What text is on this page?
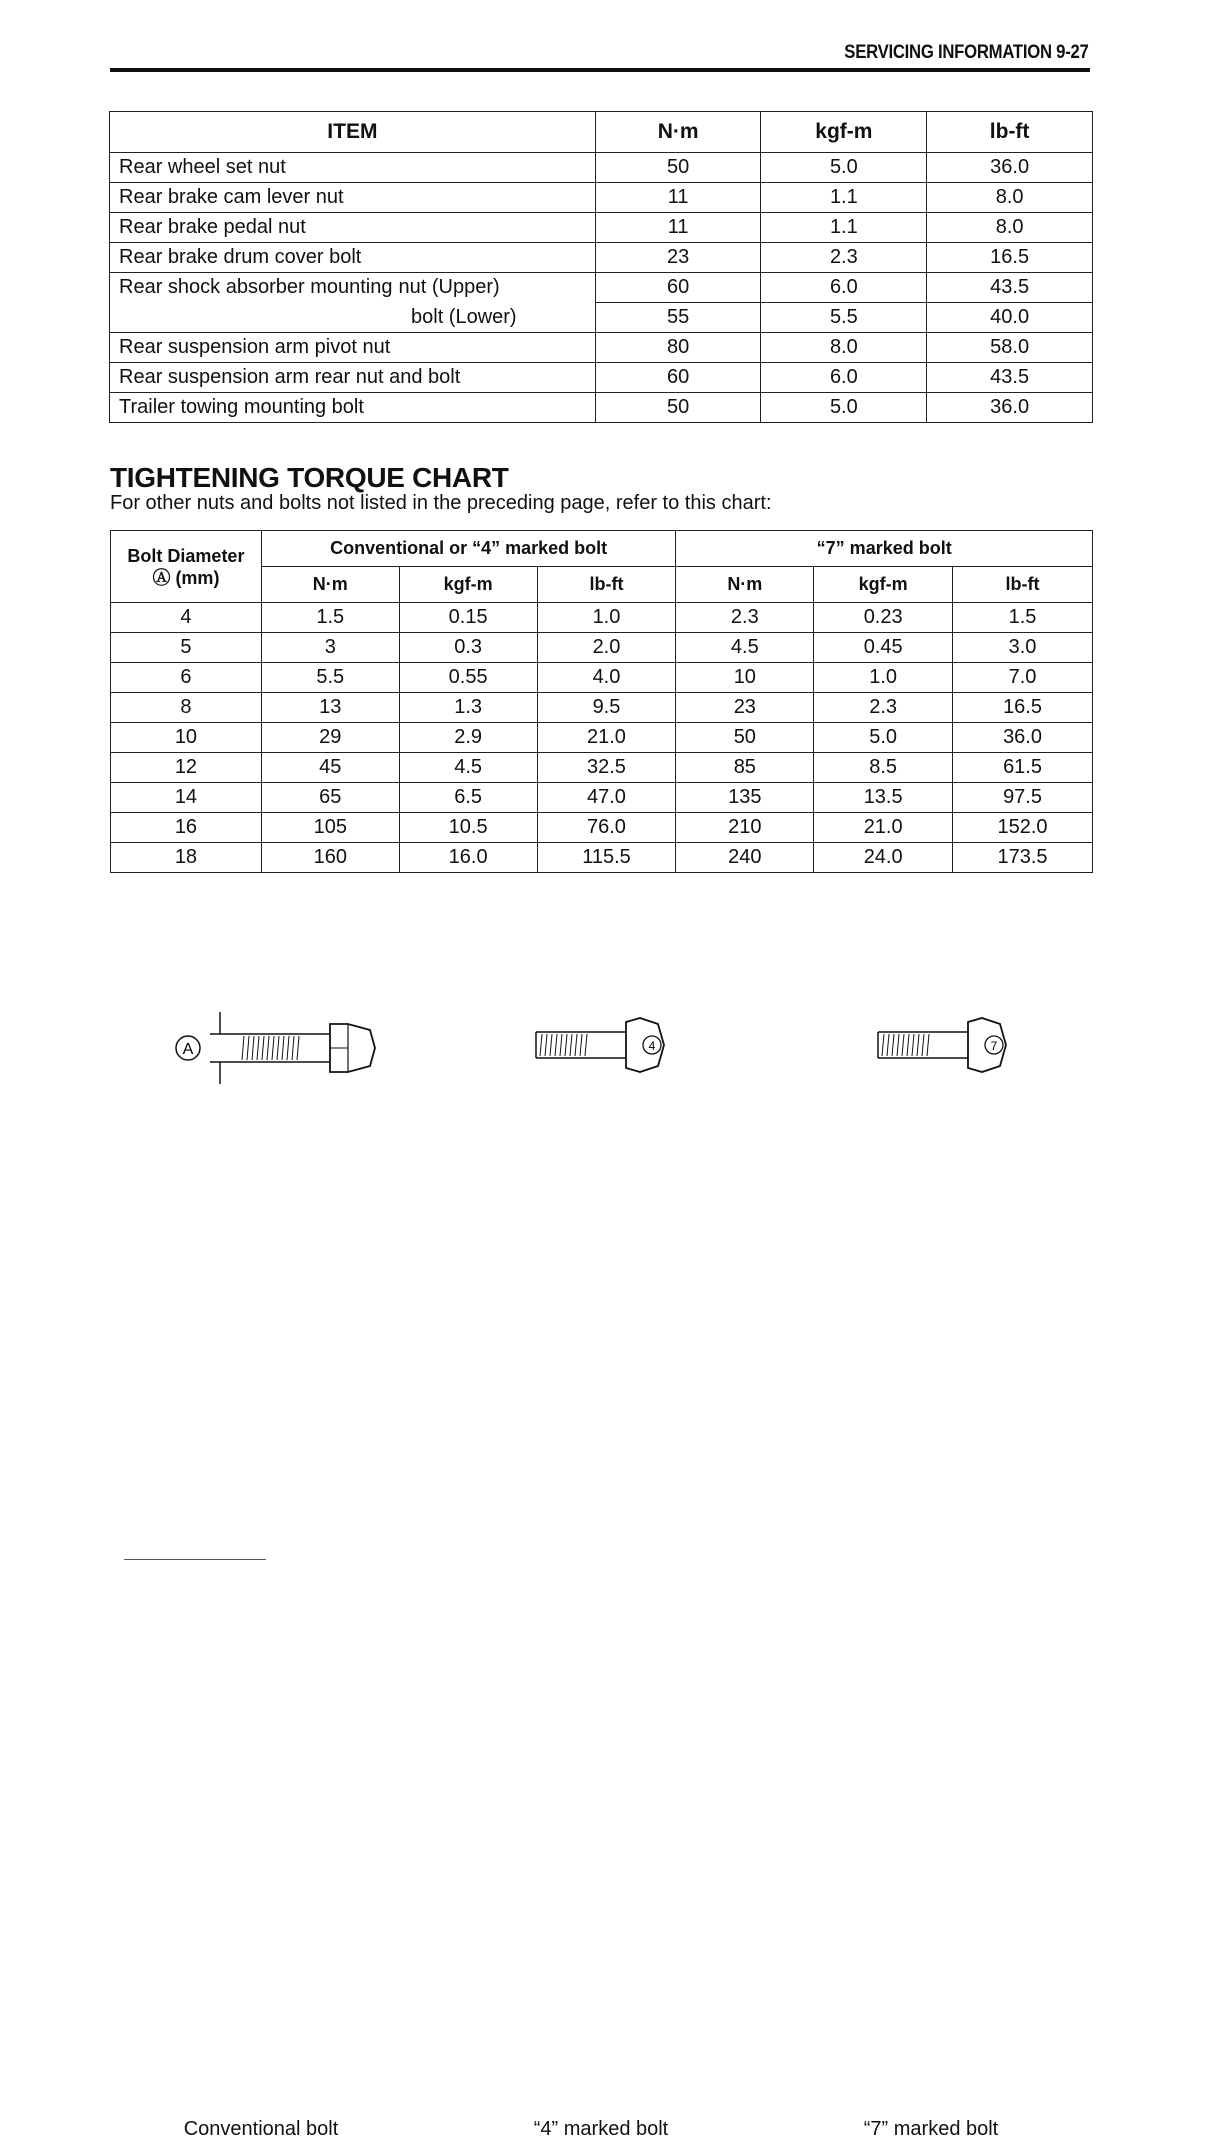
SERVICING INFORMATION 9-27
ITEM	N·m	kgf-m	lb-ft
Rear wheel set nut	50	5.0	36.0
Rear brake cam lever nut	11	1.1	8.0
Rear brake pedal nut	11	1.1	8.0
Rear brake drum cover bolt	23	2.3	16.5
Rear shock absorber mounting nut (Upper)	60	6.0	43.5
bolt (Lower)	55	5.5	40.0
Rear suspension arm pivot nut	80	8.0	58.0
Rear suspension arm rear nut and bolt	60	6.0	43.5
Trailer towing mounting bolt	50	5.0	36.0
TIGHTENING TORQUE CHART

For other nuts and bolts not listed in the preceding page, refer to this chart:

Bolt Diameter
Ⓐ (mm)	Conventional or “4” marked bolt			“7” marked bolt		
	N·m	kgf-m	lb-ft	N·m	kgf-m	lb-ft
4	1.5	0.15	1.0	2.3	0.23	1.5
5	3	0.3	2.0	4.5	0.45	3.0
6	5.5	0.55	4.0	10	1.0	7.0
8	13	1.3	9.5	23	2.3	16.5
10	29	2.9	21.0	50	5.0	36.0
12	45	4.5	32.5	85	8.5	61.5
14	65	6.5	47.0	135	13.5	97.5
16	105	10.5	76.0	210	21.0	152.0
18	160	16.0	115.5	240	24.0	173.5
A	4	7
Conventional bolt	“4” marked bolt	“7” marked bolt
